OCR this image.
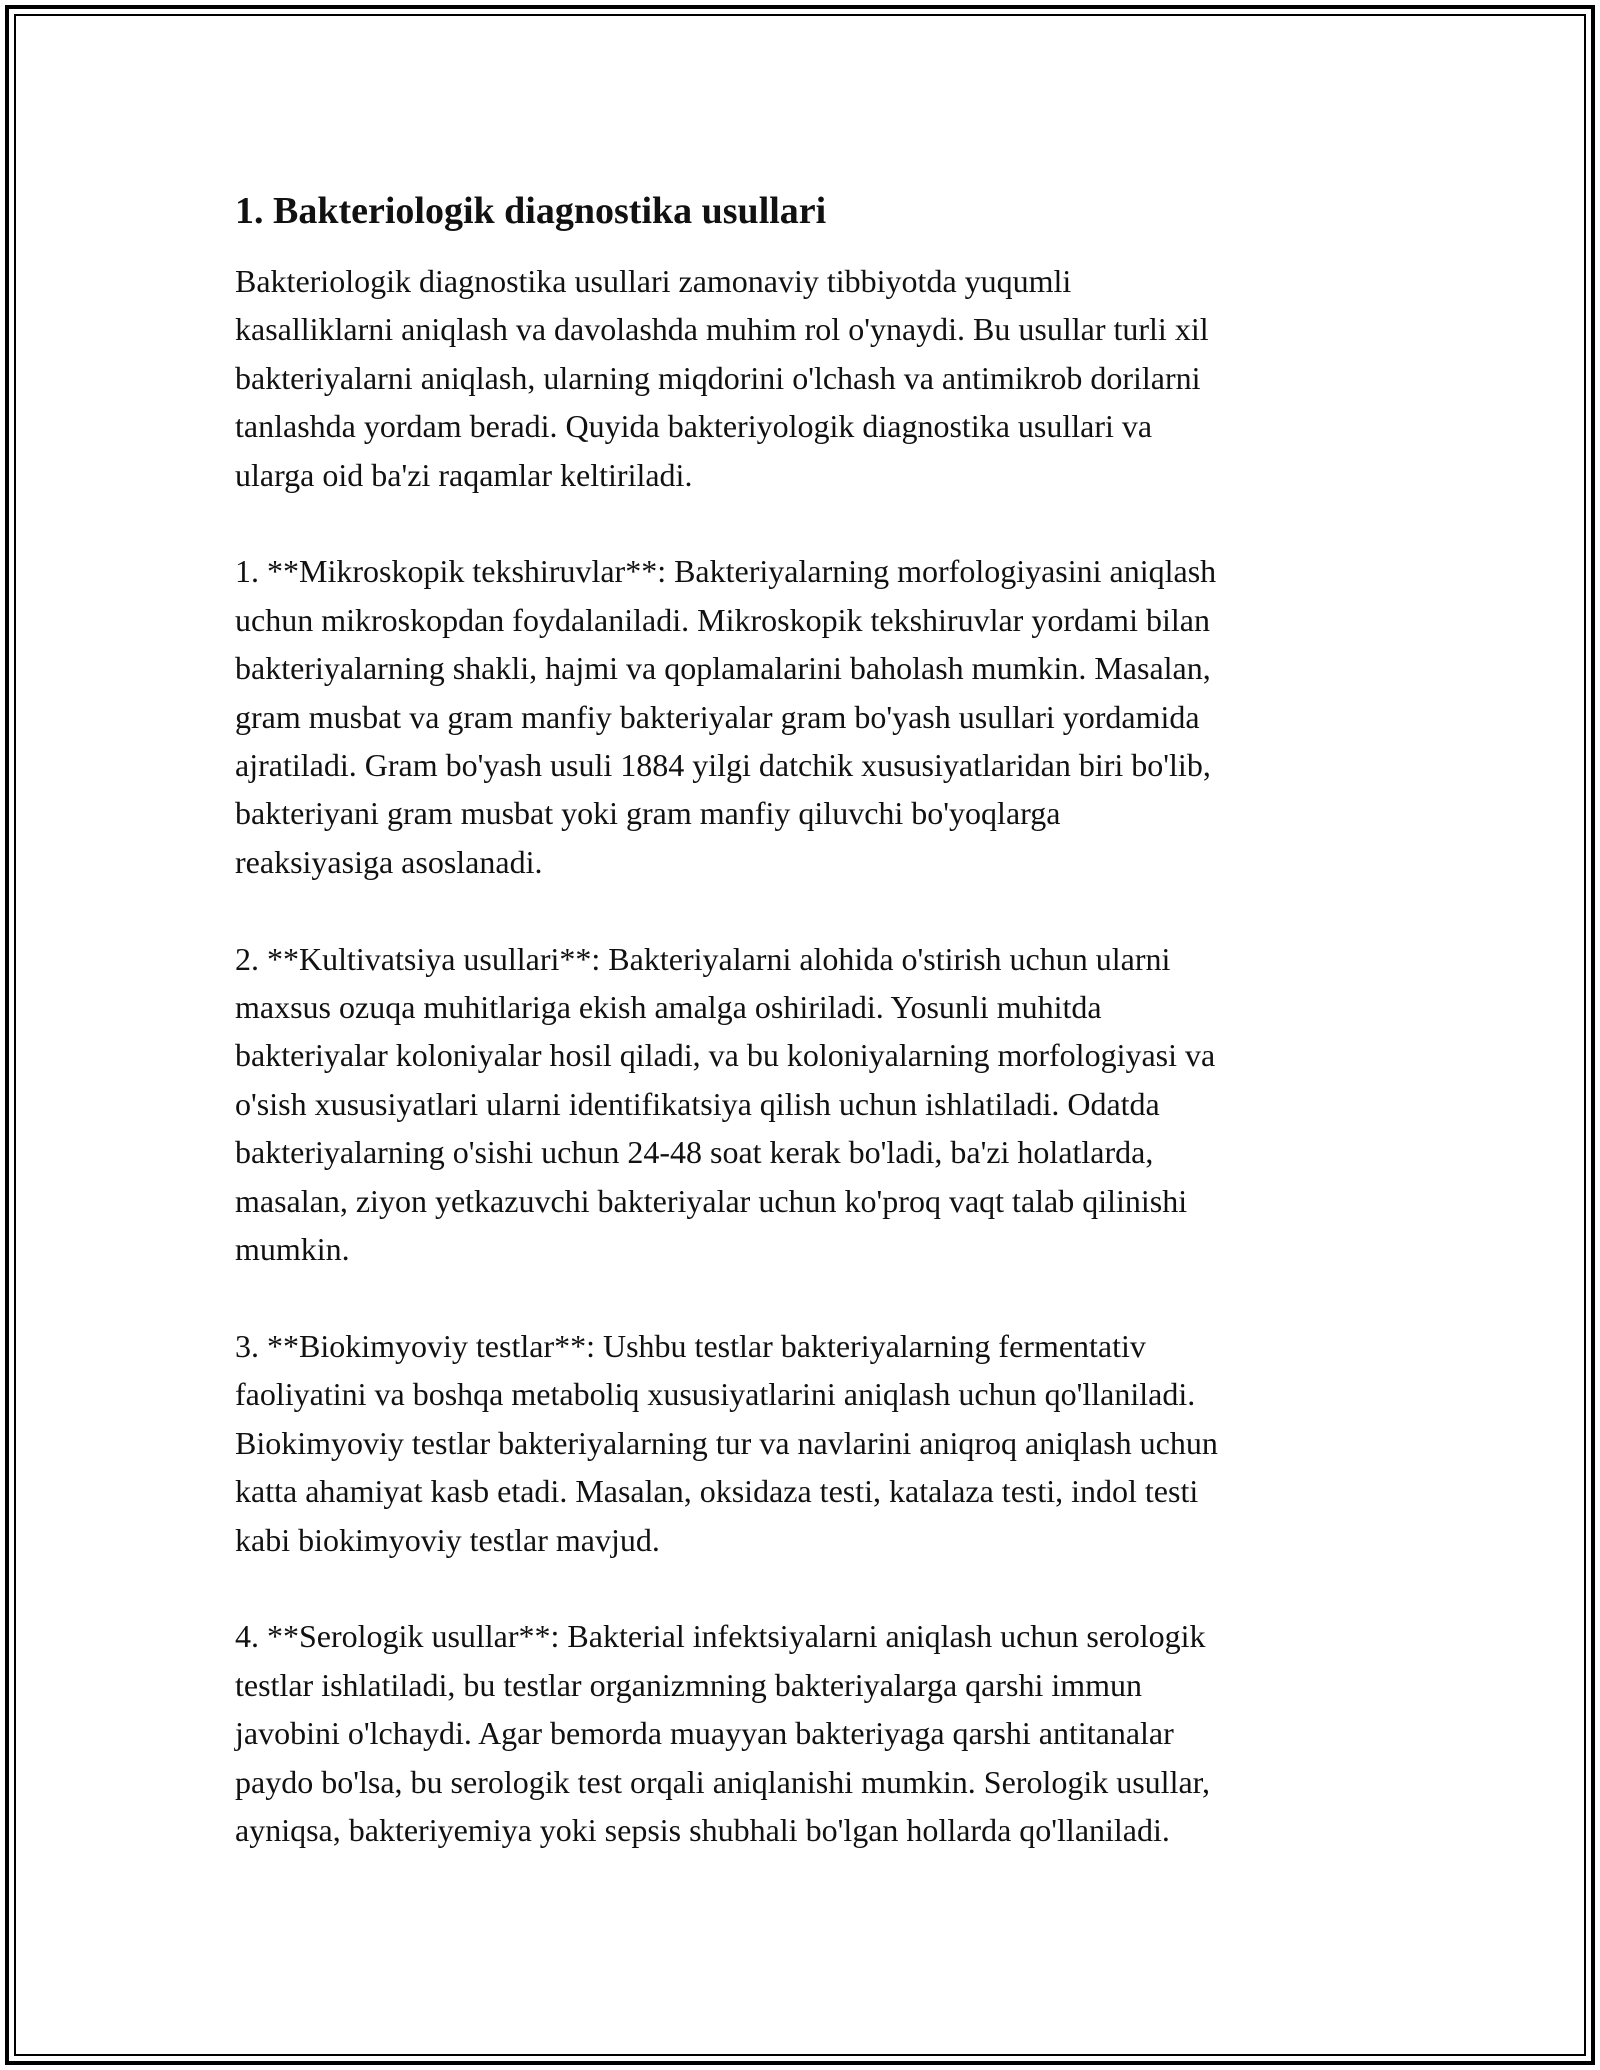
1. Bakteriologik diagnostika usullari
Bakteriologik diagnostika usullari zamonaviy tibbiyotda yuqumli
kasalliklarni aniqlash va davolashda muhim rol o'ynaydi. Bu usullar turli xil
bakteriyalarni aniqlash, ularning miqdorini o'lchash va antimikrob dorilarni
tanlashda yordam beradi. Quyida bakteriyologik diagnostika usullari va
ularga oid ba'zi raqamlar keltiriladi.
1. **Mikroskopik tekshiruvlar**: Bakteriyalarning morfologiyasini aniqlash
uchun mikroskopdan foydalaniladi. Mikroskopik tekshiruvlar yordami bilan
bakteriyalarning shakli, hajmi va qoplamalarini baholash mumkin. Masalan,
gram musbat va gram manfiy bakteriyalar gram bo'yash usullari yordamida
ajratiladi. Gram bo'yash usuli 1884 yilgi datchik xususiyatlaridan biri bo'lib,
bakteriyani gram musbat yoki gram manfiy qiluvchi bo'yoqlarga
reaksiyasiga asoslanadi.
2. **Kultivatsiya usullari**: Bakteriyalarni alohida o'stirish uchun ularni
maxsus ozuqa muhitlariga ekish amalga oshiriladi. Yosunli muhitda
bakteriyalar koloniyalar hosil qiladi, va bu koloniyalarning morfologiyasi va
o'sish xususiyatlari ularni identifikatsiya qilish uchun ishlatiladi. Odatda
bakteriyalarning o'sishi uchun 24-48 soat kerak bo'ladi, ba'zi holatlarda,
masalan, ziyon yetkazuvchi bakteriyalar uchun ko'proq vaqt talab qilinishi
mumkin.
3. **Biokimyoviy testlar**: Ushbu testlar bakteriyalarning fermentativ
faoliyatini va boshqa metaboliq xususiyatlarini aniqlash uchun qo'llaniladi.
Biokimyoviy testlar bakteriyalarning tur va navlarini aniqroq aniqlash uchun
katta ahamiyat kasb etadi. Masalan, oksidaza testi, katalaza testi, indol testi
kabi biokimyoviy testlar mavjud.
4. **Serologik usullar**: Bakterial infektsiyalarni aniqlash uchun serologik
testlar ishlatiladi, bu testlar organizmning bakteriyalarga qarshi immun
javobini o'lchaydi. Agar bemorda muayyan bakteriyaga qarshi antitanalar
paydo bo'lsa, bu serologik test orqali aniqlanishi mumkin. Serologik usullar,
ayniqsa, bakteriyemiya yoki sepsis shubhali bo'lgan hollarda qo'llaniladi.
